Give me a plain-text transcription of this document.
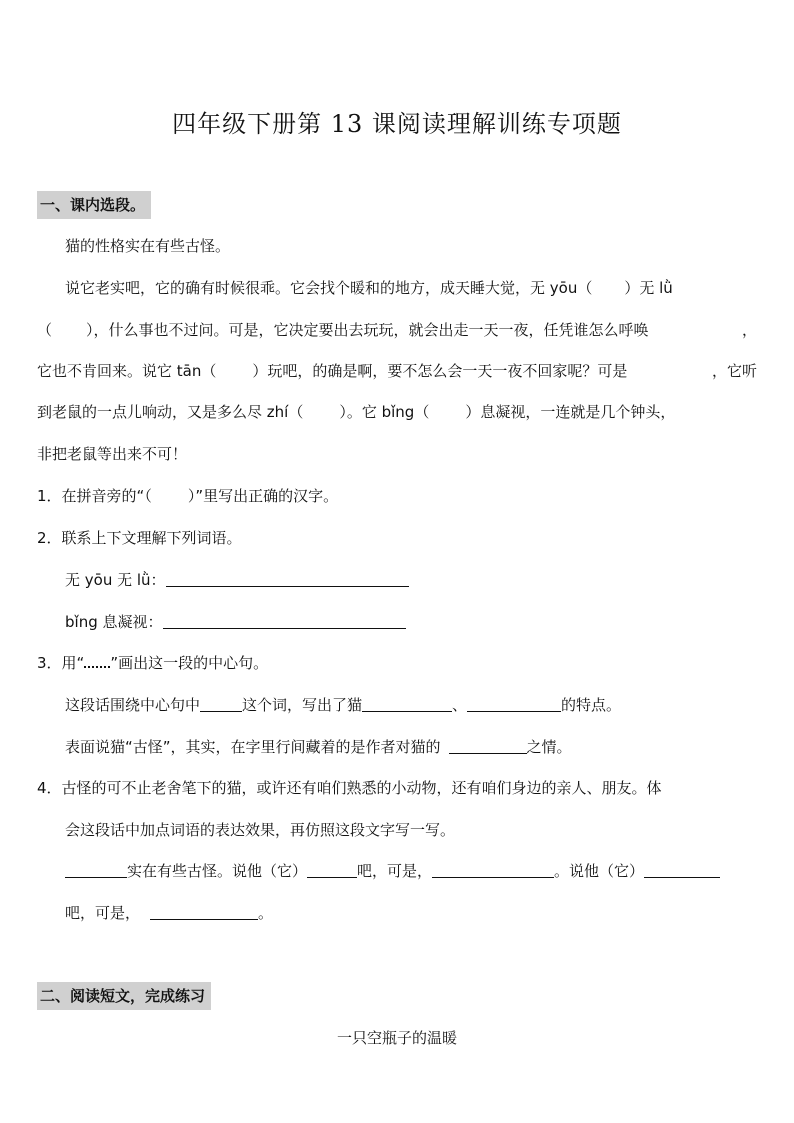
四年级下册第 13 课阅读理解训练专项题
一、课内选段。
猫的性格实在有些古怪。
说它老实吧，它的确有时候很乖。它会找个暖和的地方，成天睡大觉，无 yōu（ ）无 lǜ
（ ），什么事也不过问。可是，它决定要出去玩玩，就会出走一天一夜，任凭谁怎么呼唤	，
它也不肯回来。说它 tān（ ）玩吧，的确是啊，要不怎么会一天一夜不回家呢？可是	，它听
到老鼠的一点儿响动，又是多么尽 zhí（ ）。它 bǐng（ ）息凝视，一连就是几个钟头，
非把老鼠等出来不可！
1．在拼音旁的“（ ）”里写出正确的汉字。
2．联系上下文理解下列词语。
无 yōu 无 lǜ：
bǐng 息凝视：
3．用“ ”画出这一段的中心句。
这段话围绕中心句中	这个词，写出了猫	、	的特点。
表面说猫“古怪”，其实，在字里行间藏着的是作者对猫的	之情。
4．古怪的可不止老舍笔下的猫，或许还有咱们熟悉的小动物，还有咱们身边的亲人、朋友。体
会这段话中加点词语的表达效果，再仿照这段文字写一写。
实在有些古怪。说他（它）	吧，可是，	。说他（它）
吧，可是，	。
二、阅读短文，完成练习
一只空瓶子的温暖
